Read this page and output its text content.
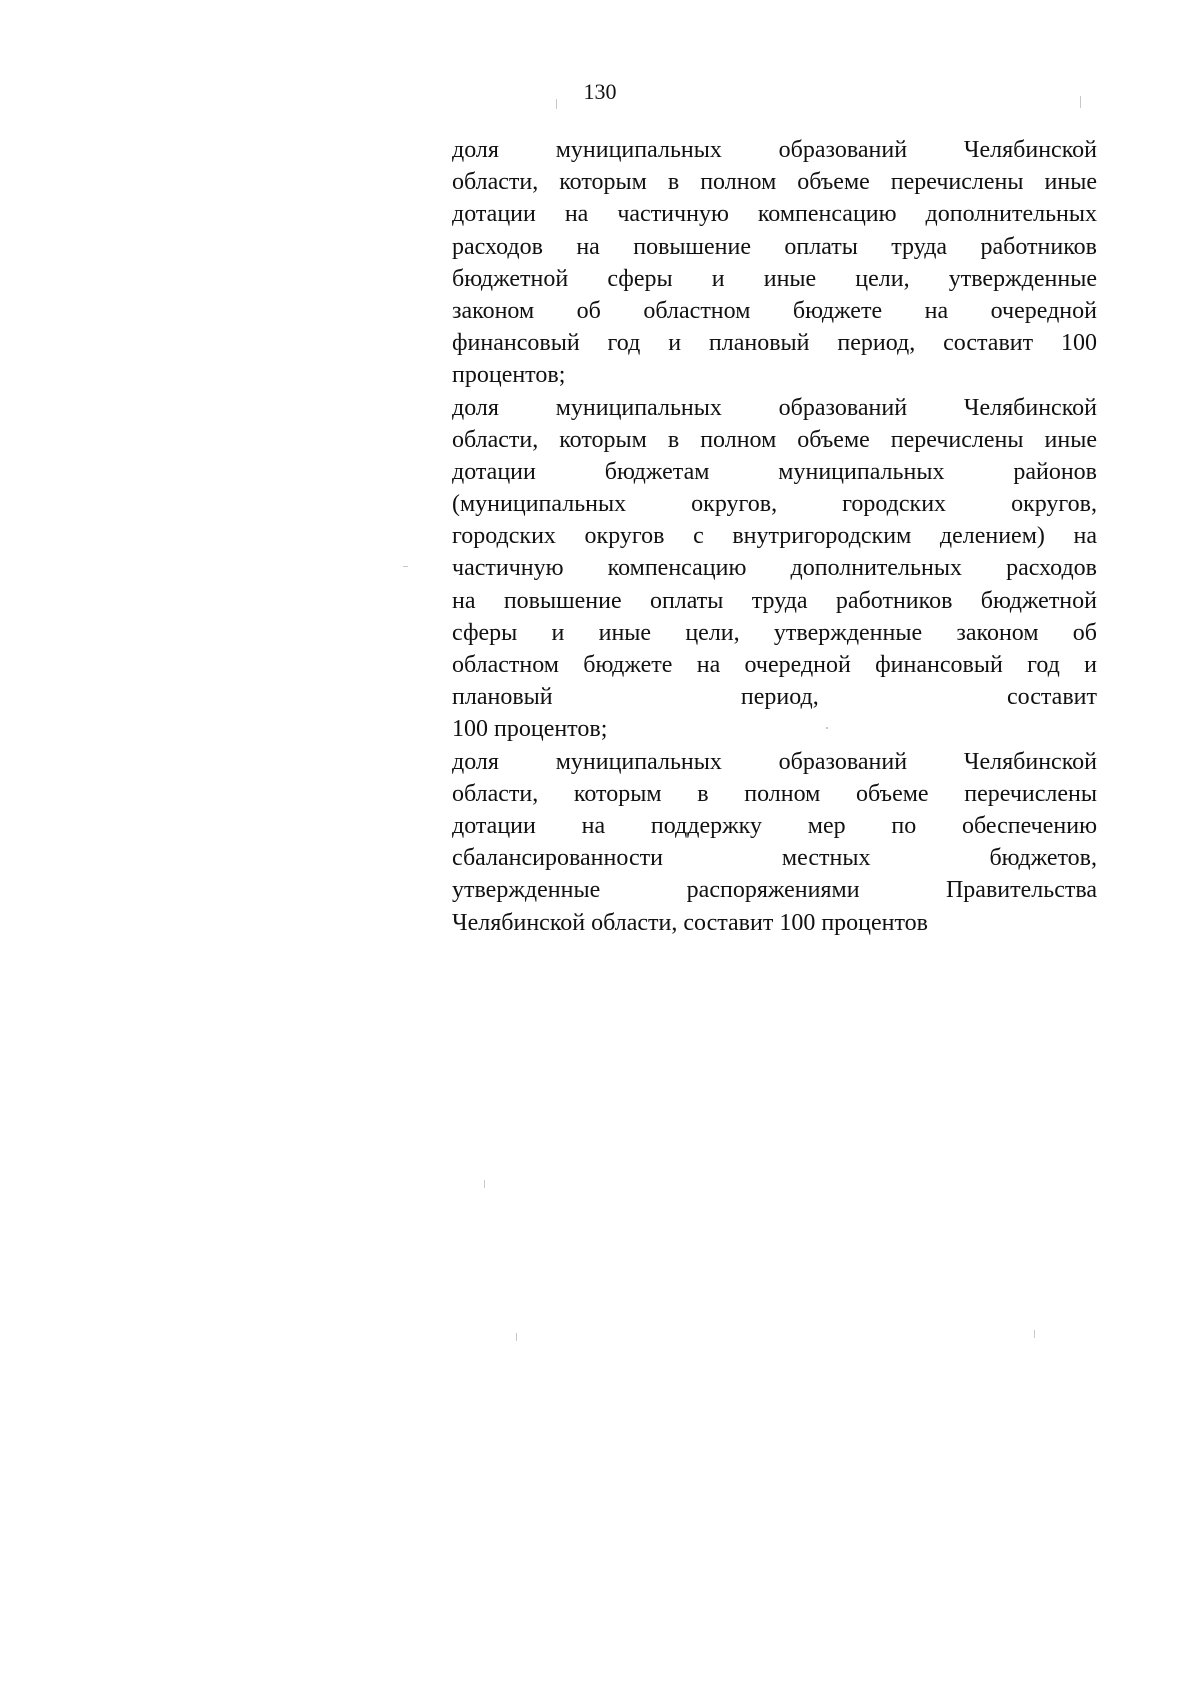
130
доля муниципальных образований Челябинской
области, которым в полном объеме перечислены иные
дотации на частичную компенсацию дополнительных
расходов на повышение оплаты труда работников
бюджетной сферы и иные цели, утвержденные
законом об областном бюджете на очередной
финансовый год и плановый период, составит 100
процентов;
доля муниципальных образований Челябинской
области, которым в полном объеме перечислены иные
дотации бюджетам муниципальных районов
(муниципальных округов, городских округов,
городских округов с внутригородским делением) на
частичную компенсацию дополнительных расходов
на повышение оплаты труда работников бюджетной
сферы и иные цели, утвержденные законом об
областном бюджете на очередной финансовый год и
плановый период, составит
100 процентов;
доля муниципальных образований Челябинской
области, которым в полном объеме перечислены
дотации на поддержку мер по обеспечению
сбалансированности местных бюджетов,
утвержденные распоряжениями Правительства
Челябинской области, составит 100 процентов
